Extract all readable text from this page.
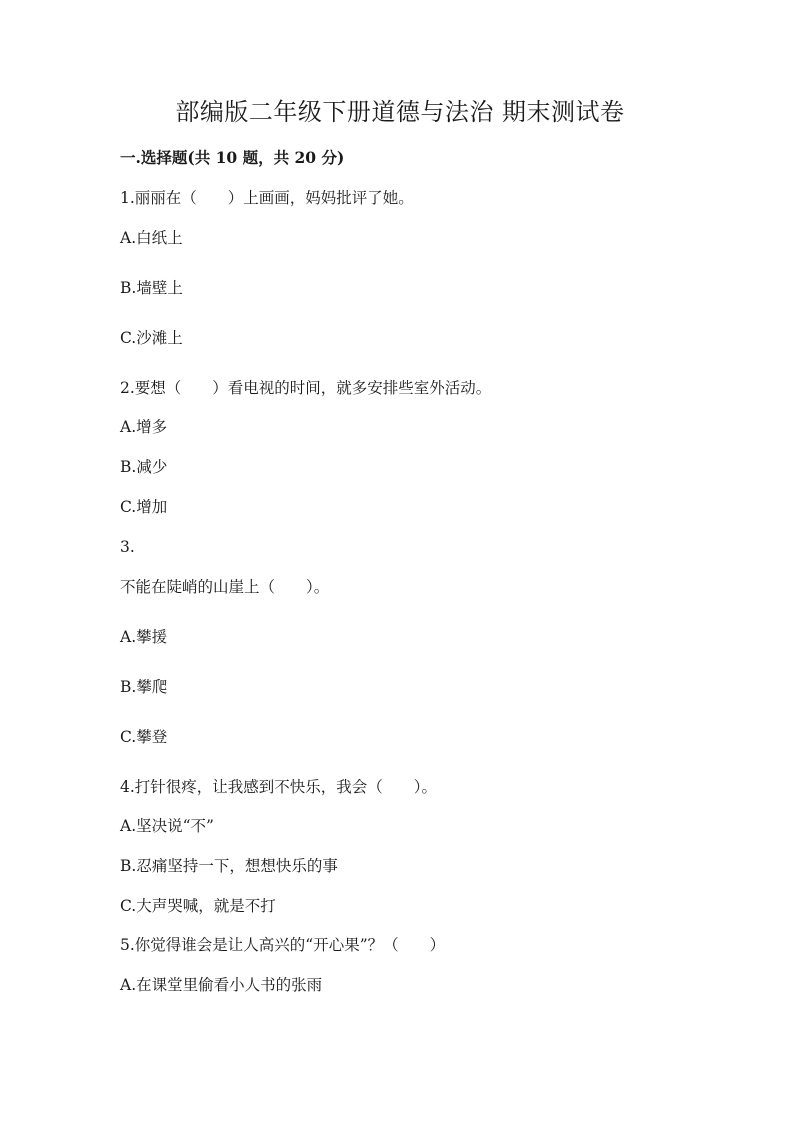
部编版二年级下册道德与法治 期末测试卷
一.选择题(共 10 题，共 20 分)
1.丽丽在（　　）上画画，妈妈批评了她。
A.白纸上
B.墙壁上
C.沙滩上
2.要想（　　）看电视的时间，就多安排些室外活动。
A.增多
B.减少
C.增加
3.
不能在陡峭的山崖上（　　）。
A.攀援
B.攀爬
C.攀登
4.打针很疼，让我感到不快乐，我会（　　）。
A.坚决说“不”
B.忍痛坚持一下，想想快乐的事
C.大声哭喊，就是不打
5.你觉得谁会是让人高兴的“开心果”？（　　）
A.在课堂里偷看小人书的张雨
